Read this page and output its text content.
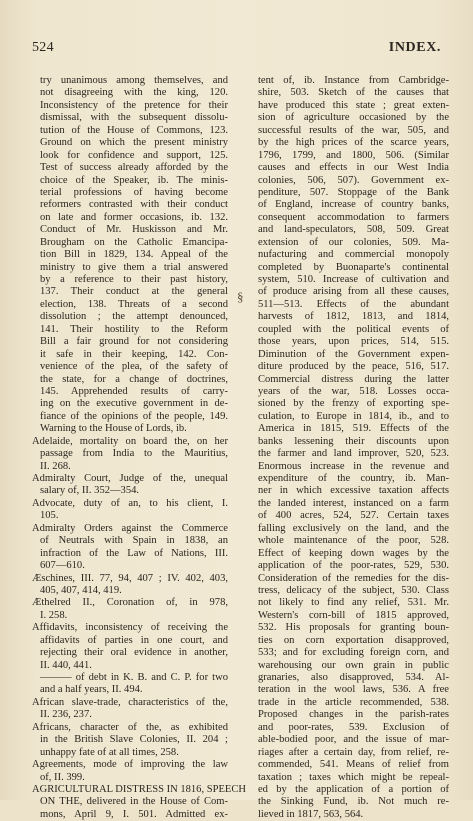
524	INDEX.
try unanimous among themselves, and
not disagreeing with the king, 120.
Inconsistency of the pretence for their
dismissal, with the subsequent dissolu-
tution of the House of Commons, 123.
Ground on which the present ministry
look for confidence and support, 125.
Test of success already afforded by the
choice of the Speaker, ib. The minis-
terial professions of having become
reformers contrasted with their conduct
on late and former occasions, ib. 132.
Conduct of Mr. Huskisson and Mr.
Brougham on the Catholic Emancipa-
tion Bill in 1829, 134. Appeal of the
ministry to give them a trial answered
by a reference to their past history,
137. Their conduct at the general
election, 138. Threats of a second
dissolution ; the attempt denounced,
141. Their hostility to the Reform
Bill a fair ground for not considering
it safe in their keeping, 142. Con-
venience of the plea, of the safety of
the state, for a change of doctrines,
145. Apprehended results of carry-
ing on the executive government in de-
fiance of the opinions of the people, 149.
Warning to the House of Lords, ib.
Adelaide, mortality on board the, on her
passage from India to the Mauritius,
II. 268.
Admiralty Court, Judge of the, unequal
salary of, II. 352—354.
Advocate, duty of an, to his client, I.
105.
Admiralty Orders against the Commerce
of Neutrals with Spain in 1838, an
infraction of the Law of Nations, III.
607—610.
Æschines, III. 77, 94, 407 ; IV. 402, 403,
405, 407, 414, 419.
Æthelred II., Coronation of, in 978,
I. 258.
Affidavits, inconsistency of receiving the
affidavits of parties in one court, and
rejecting their oral evidence in another,
II. 440, 441.
——— of debt in K. B. and C. P. for two
and a half years, II. 494.
African slave-trade, characteristics of the,
II. 236, 237.
Africans, character of the, as exhibited
in the British Slave Colonies, II. 204 ;
unhappy fate of at all times, 258.
Agreements, mode of improving the law
of, II. 399.
AGRICULTURAL DISTRESS IN 1816, SPEECH
ON THE, delivered in the House of Com-
mons, April 9, I. 501. Admitted ex-
§
tent of, ib. Instance from Cambridge-
shire, 503. Sketch of the causes that
have produced this state ; great exten-
sion of agriculture occasioned by the
successful results of the war, 505, and
by the high prices of the scarce years,
1796, 1799, and 1800, 506. (Similar
causes and effects in our West India
colonies, 506, 507). Government ex-
penditure, 507. Stoppage of the Bank
of England, increase of country banks,
consequent accommodation to farmers
and land-speculators, 508, 509. Great
extension of our colonies, 509. Ma-
nufacturing and commercial monopoly
completed by Buonaparte's continental
system, 510. Increase of cultivation and
of produce arising from all these causes,
511—513. Effects of the abundant
harvests of 1812, 1813, and 1814,
coupled with the political events of
those years, upon prices, 514, 515.
Diminution of the Government expen-
diture produced by the peace, 516, 517.
Commercial distress during the latter
years of the war, 518. Losses occa-
sioned by the frenzy of exporting spe-
culation, to Europe in 1814, ib., and to
America in 1815, 519. Effects of the
banks lessening their discounts upon
the farmer and land improver, 520, 523.
Enormous increase in the revenue and
expenditure of the country, ib. Man-
ner in which excessive taxation affects
the landed interest, instanced on a farm
of 400 acres, 524, 527. Certain taxes
falling exclusively on the land, and the
whole maintenance of the poor, 528.
Effect of keeping down wages by the
application of the poor-rates, 529, 530.
Consideration of the remedies for the dis-
tress, delicacy of the subject, 530. Class
not likely to find any relief, 531. Mr.
Western's corn-bill of 1815 approved,
532. His proposals for granting boun-
ties on corn exportation disapproved,
533; and for excluding foreign corn, and
warehousing our own grain in public
granaries, also disapproved, 534. Al-
teration in the wool laws, 536. A free
trade in the article recommended, 538.
Proposed changes in the parish-rates
and poor-rates, 539. Exclusion of
able-bodied poor, and the issue of mar-
riages after a certain day, from relief, re-
commended, 541. Means of relief from
taxation ; taxes which might be repeal-
ed by the application of a portion of
the Sinking Fund, ib. Not much re-
lieved in 1817, 563, 564.
